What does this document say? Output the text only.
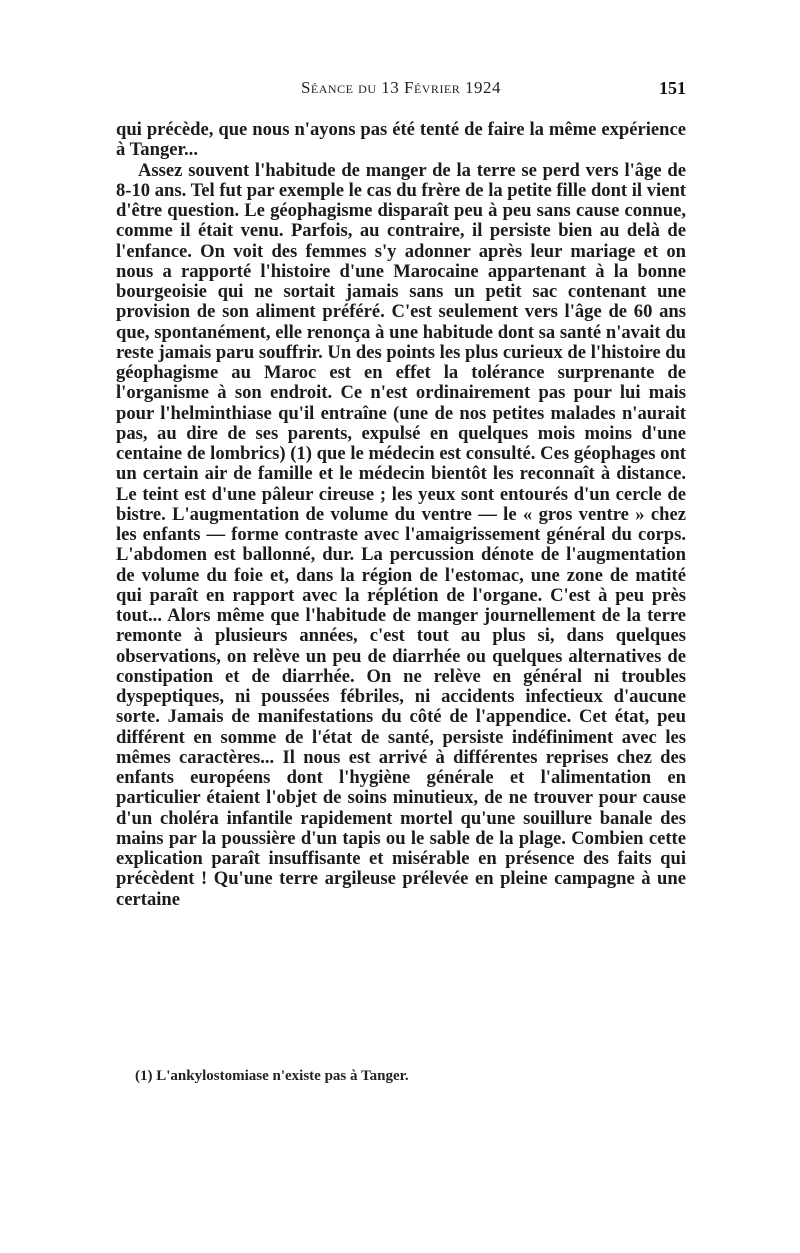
Séance du 13 Février 1924	151

qui précède, que nous n'ayons pas été tenté de faire la même expérience à Tanger...

Assez souvent l'habitude de manger de la terre se perd vers l'âge de 8-10 ans. Tel fut par exemple le cas du frère de la petite fille dont il vient d'être question. Le géophagisme disparaît peu à peu sans cause connue, comme il était venu. Parfois, au contraire, il persiste bien au delà de l'enfance. On voit des femmes s'y adonner après leur mariage et on nous a rapporté l'histoire d'une Marocaine appartenant à la bonne bourgeoisie qui ne sortait jamais sans un petit sac contenant une provision de son aliment préféré. C'est seulement vers l'âge de 60 ans que, spontanément, elle renonça à une habitude dont sa santé n'avait du reste jamais paru souffrir. Un des points les plus curieux de l'histoire du géophagisme au Maroc est en effet la tolérance surprenante de l'organisme à son endroit. Ce n'est ordinairement pas pour lui mais pour l'helminthiase qu'il entraîne (une de nos petites malades n'aurait pas, au dire de ses parents, expulsé en quelques mois moins d'une centaine de lombrics) (1) que le médecin est consulté. Ces géophages ont un certain air de famille et le médecin bientôt les reconnaît à distance. Le teint est d'une pâleur cireuse ; les yeux sont entourés d'un cercle de bistre. L'augmentation de volume du ventre — le « gros ventre » chez les enfants — forme contraste avec l'amaigrissement général du corps. L'abdomen est ballonné, dur. La percussion dénote de l'augmentation de volume du foie et, dans la région de l'estomac, une zone de matité qui paraît en rapport avec la réplétion de l'organe. C'est à peu près tout... Alors même que l'habitude de manger journellement de la terre remonte à plusieurs années, c'est tout au plus si, dans quelques observations, on relève un peu de diarrhée ou quelques alternatives de constipation et de diarrhée. On ne relève en général ni troubles dyspeptiques, ni poussées fébriles, ni accidents infectieux d'aucune sorte. Jamais de manifestations du côté de l'appendice. Cet état, peu différent en somme de l'état de santé, persiste indéfiniment avec les mêmes caractères... Il nous est arrivé à différentes reprises chez des enfants européens dont l'hygiène générale et l'alimentation en particulier étaient l'objet de soins minutieux, de ne trouver pour cause d'un choléra infantile rapidement mortel qu'une souillure banale des mains par la poussière d'un tapis ou le sable de la plage. Combien cette explication paraît insuffisante et misérable en présence des faits qui précèdent ! Qu'une terre argileuse prélevée en pleine campagne à une certaine

(1) L'ankylostomiase n'existe pas à Tanger.
